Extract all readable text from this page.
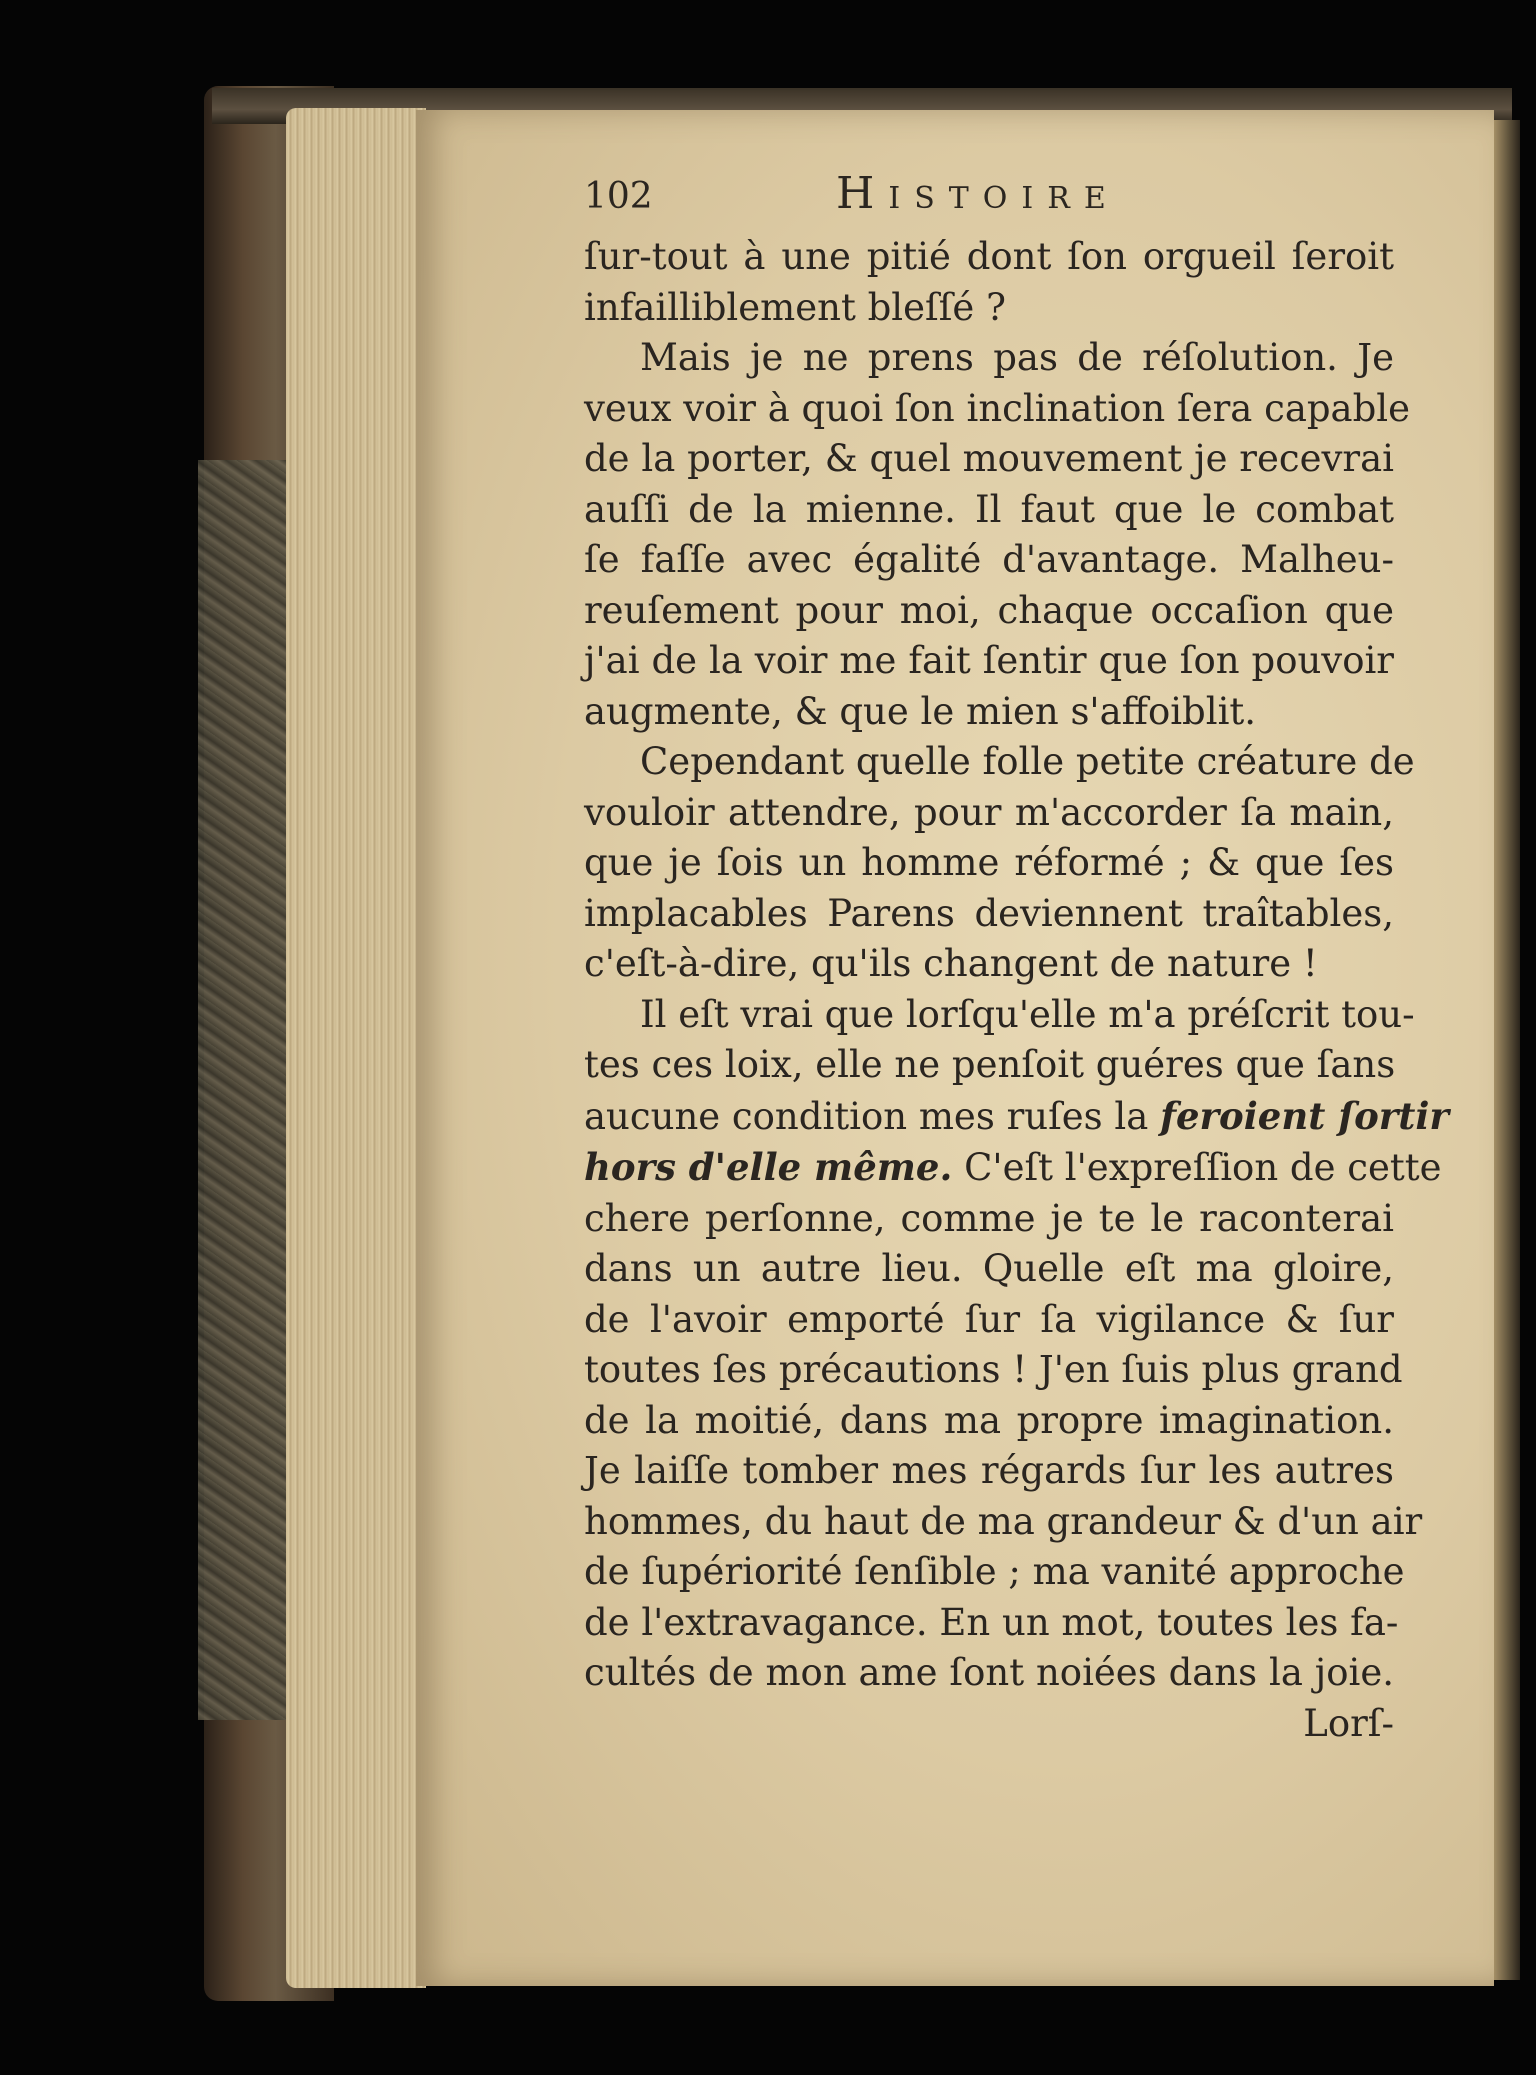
102	HISTOIRE
ſur-tout à une pitié dont ſon orgueil ſeroit
infailliblement bleſſé ?
Mais je ne prens pas de réſolution. Je
veux voir à quoi ſon inclination ſera capable
de la porter, & quel mouvement je recevrai
auſſi de la mienne. Il faut que le combat
ſe faſſe avec égalité d'avantage. Malheu-
reuſement pour moi, chaque occaſion que
j'ai de la voir me fait ſentir que ſon pouvoir
augmente, & que le mien s'affoiblit.
Cependant quelle folle petite créature de
vouloir attendre, pour m'accorder ſa main,
que je ſois un homme réformé ; & que ſes
implacables Parens deviennent traîtables,
c'eſt-à-dire, qu'ils changent de nature !
Il eſt vrai que lorſqu'elle m'a préſcrit tou-
tes ces loix, elle ne penſoit guéres que ſans
aucune condition mes ruſes la feroient ſortir
hors d'elle même. C'eſt l'expreſſion de cette
chere perſonne, comme je te le raconterai
dans un autre lieu. Quelle eſt ma gloire,
de l'avoir emporté ſur ſa vigilance & ſur
toutes ſes précautions ! J'en ſuis plus grand
de la moitié, dans ma propre imagination.
Je laiſſe tomber mes régards ſur les autres
hommes, du haut de ma grandeur & d'un air
de ſupériorité ſenſible ; ma vanité approche
de l'extravagance. En un mot, toutes les fa-
cultés de mon ame ſont noiées dans la joie.
Lorſ-
